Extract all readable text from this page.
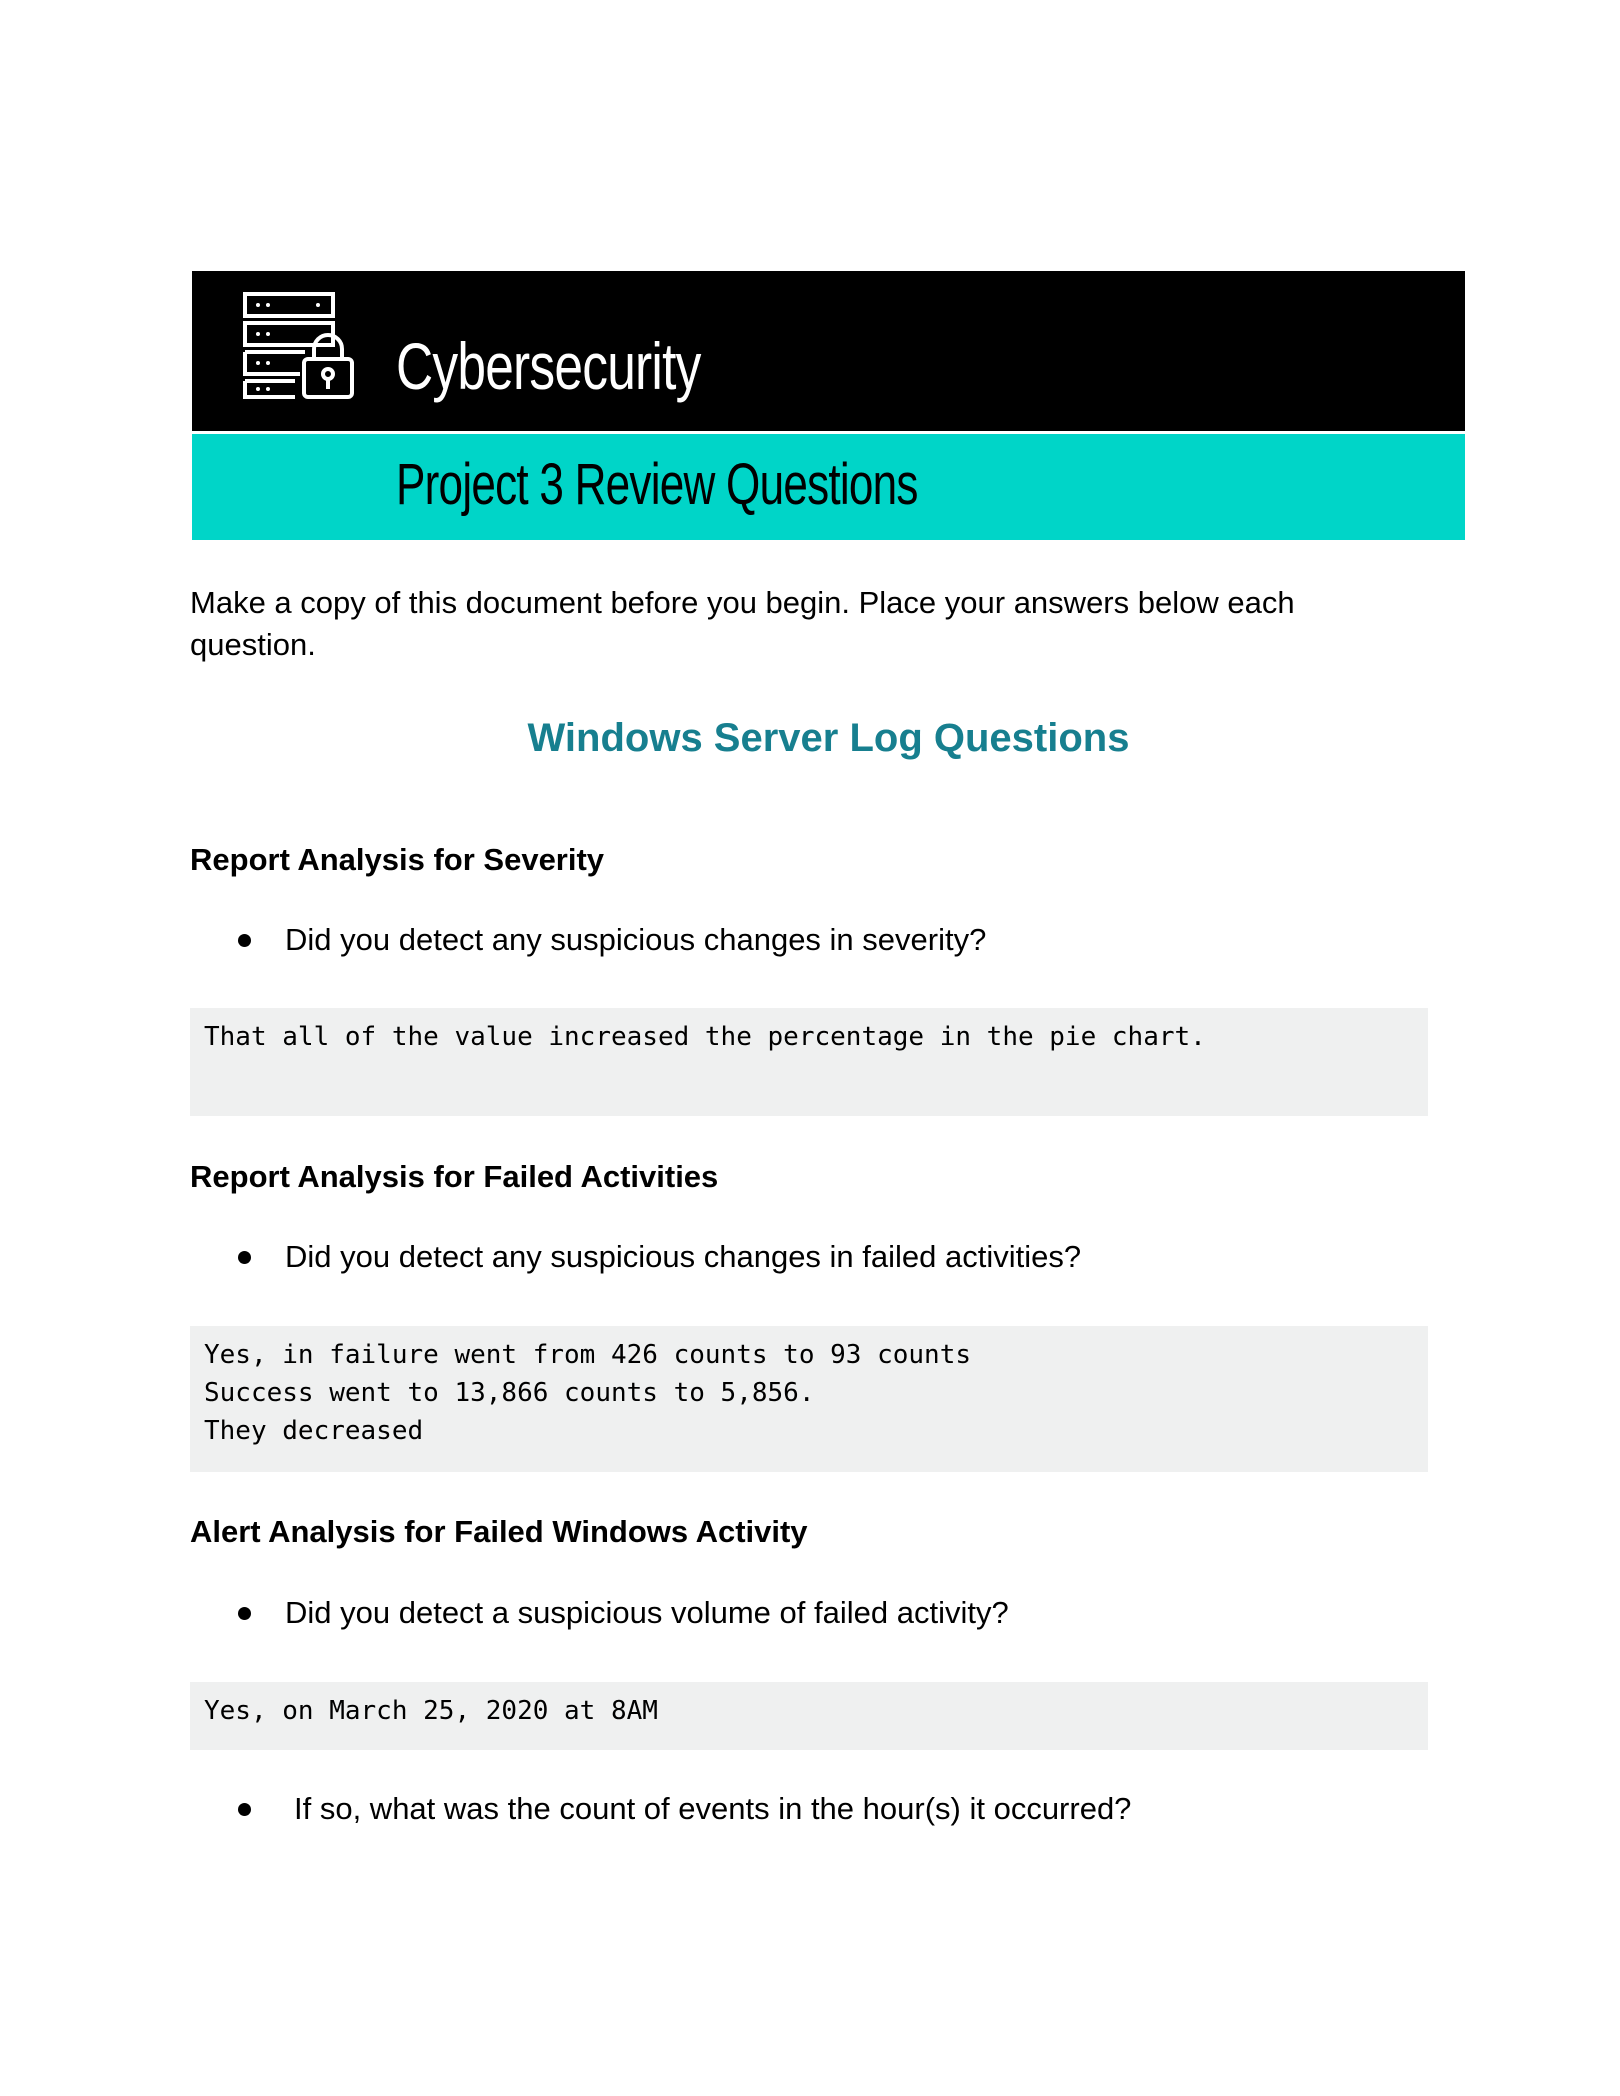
Cybersecurity
Project 3 Review Questions
Make a copy of this document before you begin. Place your answers below each question.
Windows Server Log Questions
Report Analysis for Severity
Did you detect any suspicious changes in severity?
That all of the value increased the percentage in the pie chart.
Report Analysis for Failed Activities
Did you detect any suspicious changes in failed activities?
Yes, in failure went from 426 counts to 93 counts
Success went to 13,866 counts to 5,856.
They decreased
Alert Analysis for Failed Windows Activity
Did you detect a suspicious volume of failed activity?
Yes, on March 25, 2020 at 8AM
If so, what was the count of events in the hour(s) it occurred?
